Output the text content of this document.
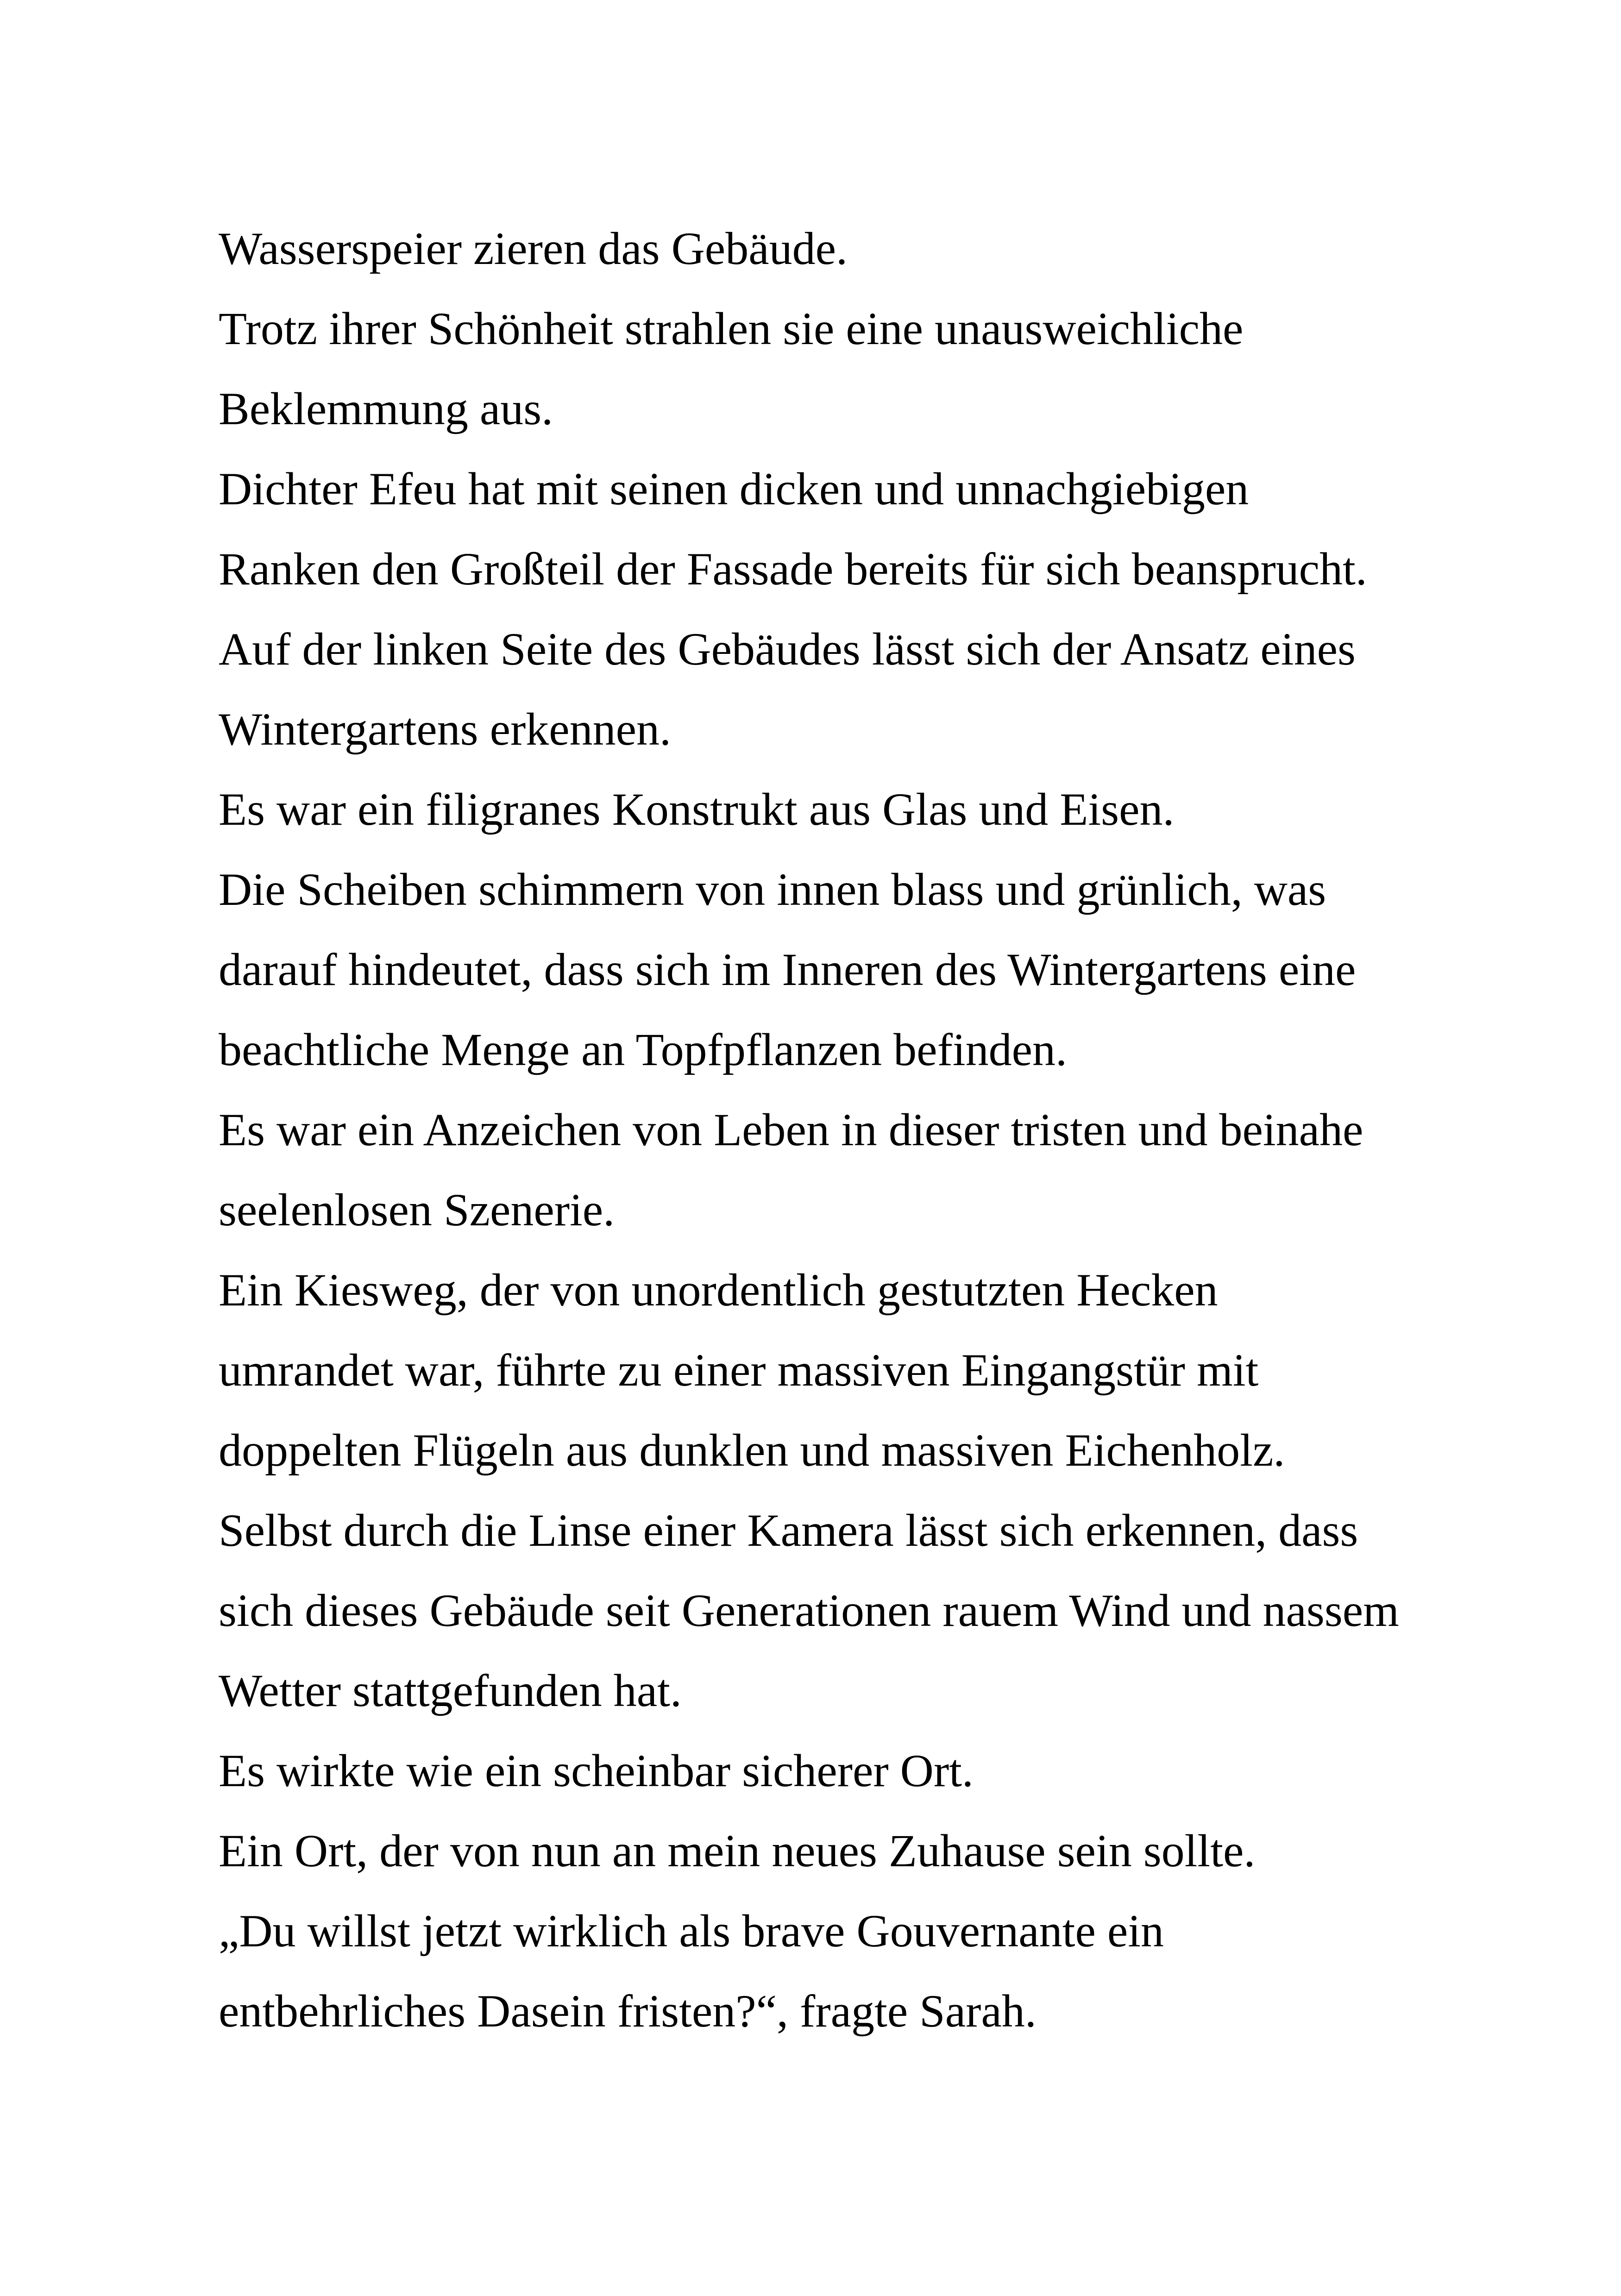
Wasserspeier zieren das Gebäude.
Trotz ihrer Schönheit strahlen sie eine unausweichliche
Beklemmung aus.
Dichter Efeu hat mit seinen dicken und unnachgiebigen
Ranken den Großteil der Fassade bereits für sich beansprucht.
Auf der linken Seite des Gebäudes lässt sich der Ansatz eines
Wintergartens erkennen.
Es war ein filigranes Konstrukt aus Glas und Eisen.
Die Scheiben schimmern von innen blass und grünlich, was
darauf hindeutet, dass sich im Inneren des Wintergartens eine
beachtliche Menge an Topfpflanzen befinden.
Es war ein Anzeichen von Leben in dieser tristen und beinahe
seelenlosen Szenerie.
Ein Kiesweg, der von unordentlich gestutzten Hecken
umrandet war, führte zu einer massiven Eingangstür mit
doppelten Flügeln aus dunklen und massiven Eichenholz.
Selbst durch die Linse einer Kamera lässt sich erkennen, dass
sich dieses Gebäude seit Generationen rauem Wind und nassem
Wetter stattgefunden hat.
Es wirkte wie ein scheinbar sicherer Ort.
Ein Ort, der von nun an mein neues Zuhause sein sollte.
„Du willst jetzt wirklich als brave Gouvernante ein
entbehrliches Dasein fristen?“, fragte Sarah.
